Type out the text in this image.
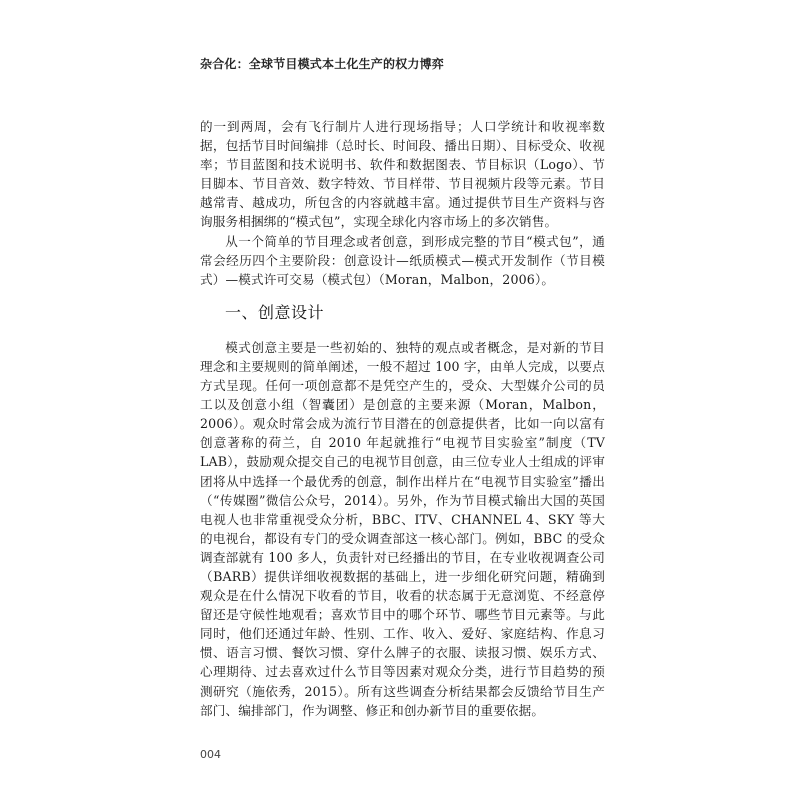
杂合化：全球节目模式本土化生产的权力博弈

的一到两周，会有飞行制片人进行现场指导；人口学统计和收视率数据，包括节目时间编排（总时长、时间段、播出日期）、目标受众、收视率；节目蓝图和技术说明书、软件和数据图表、节目标识（Logo）、节目脚本、节目音效、数字特效、节目样带、节目视频片段等元素。节目越常青、越成功，所包含的内容就越丰富。通过提供节目生产资料与咨询服务相捆绑的“模式包”，实现全球化内容市场上的多次销售。

从一个简单的节目理念或者创意，到形成完整的节目“模式包”，通常会经历四个主要阶段：创意设计—纸质模式—模式开发制作（节目模式）—模式许可交易（模式包）（Moran，Malbon，2006）。

一、创意设计

模式创意主要是一些初始的、独特的观点或者概念，是对新的节目理念和主要规则的简单阐述，一般不超过 100 字，由单人完成，以要点方式呈现。任何一项创意都不是凭空产生的，受众、大型媒介公司的员工以及创意小组（智囊团）是创意的主要来源（Moran，Malbon，2006）。观众时常会成为流行节目潜在的创意提供者，比如一向以富有创意著称的荷兰，自 2010 年起就推行“电视节目实验室”制度（TV LAB），鼓励观众提交自己的电视节目创意，由三位专业人士组成的评审团将从中选择一个最优秀的创意，制作出样片在“电视节目实验室”播出（“传媒圈”微信公众号，2014）。另外，作为节目模式输出大国的英国电视人也非常重视受众分析，BBC、ITV、CHANNEL 4、SKY 等大的电视台，都设有专门的受众调查部这一核心部门。例如，BBC 的受众调查部就有 100 多人，负责针对已经播出的节目，在专业收视调查公司（BARB）提供详细收视数据的基础上，进一步细化研究问题，精确到观众是在什么情况下收看的节目，收看的状态属于无意浏览、不经意停留还是守候性地观看；喜欢节目中的哪个环节、哪些节目元素等。与此同时，他们还通过年龄、性别、工作、收入、爱好、家庭结构、作息习惯、语言习惯、餐饮习惯、穿什么牌子的衣服、读报习惯、娱乐方式、心理期待、过去喜欢过什么节目等因素对观众分类，进行节目趋势的预测研究（施依秀，2015）。所有这些调查分析结果都会反馈给节目生产部门、编排部门，作为调整、修正和创办新节目的重要依据。

004
